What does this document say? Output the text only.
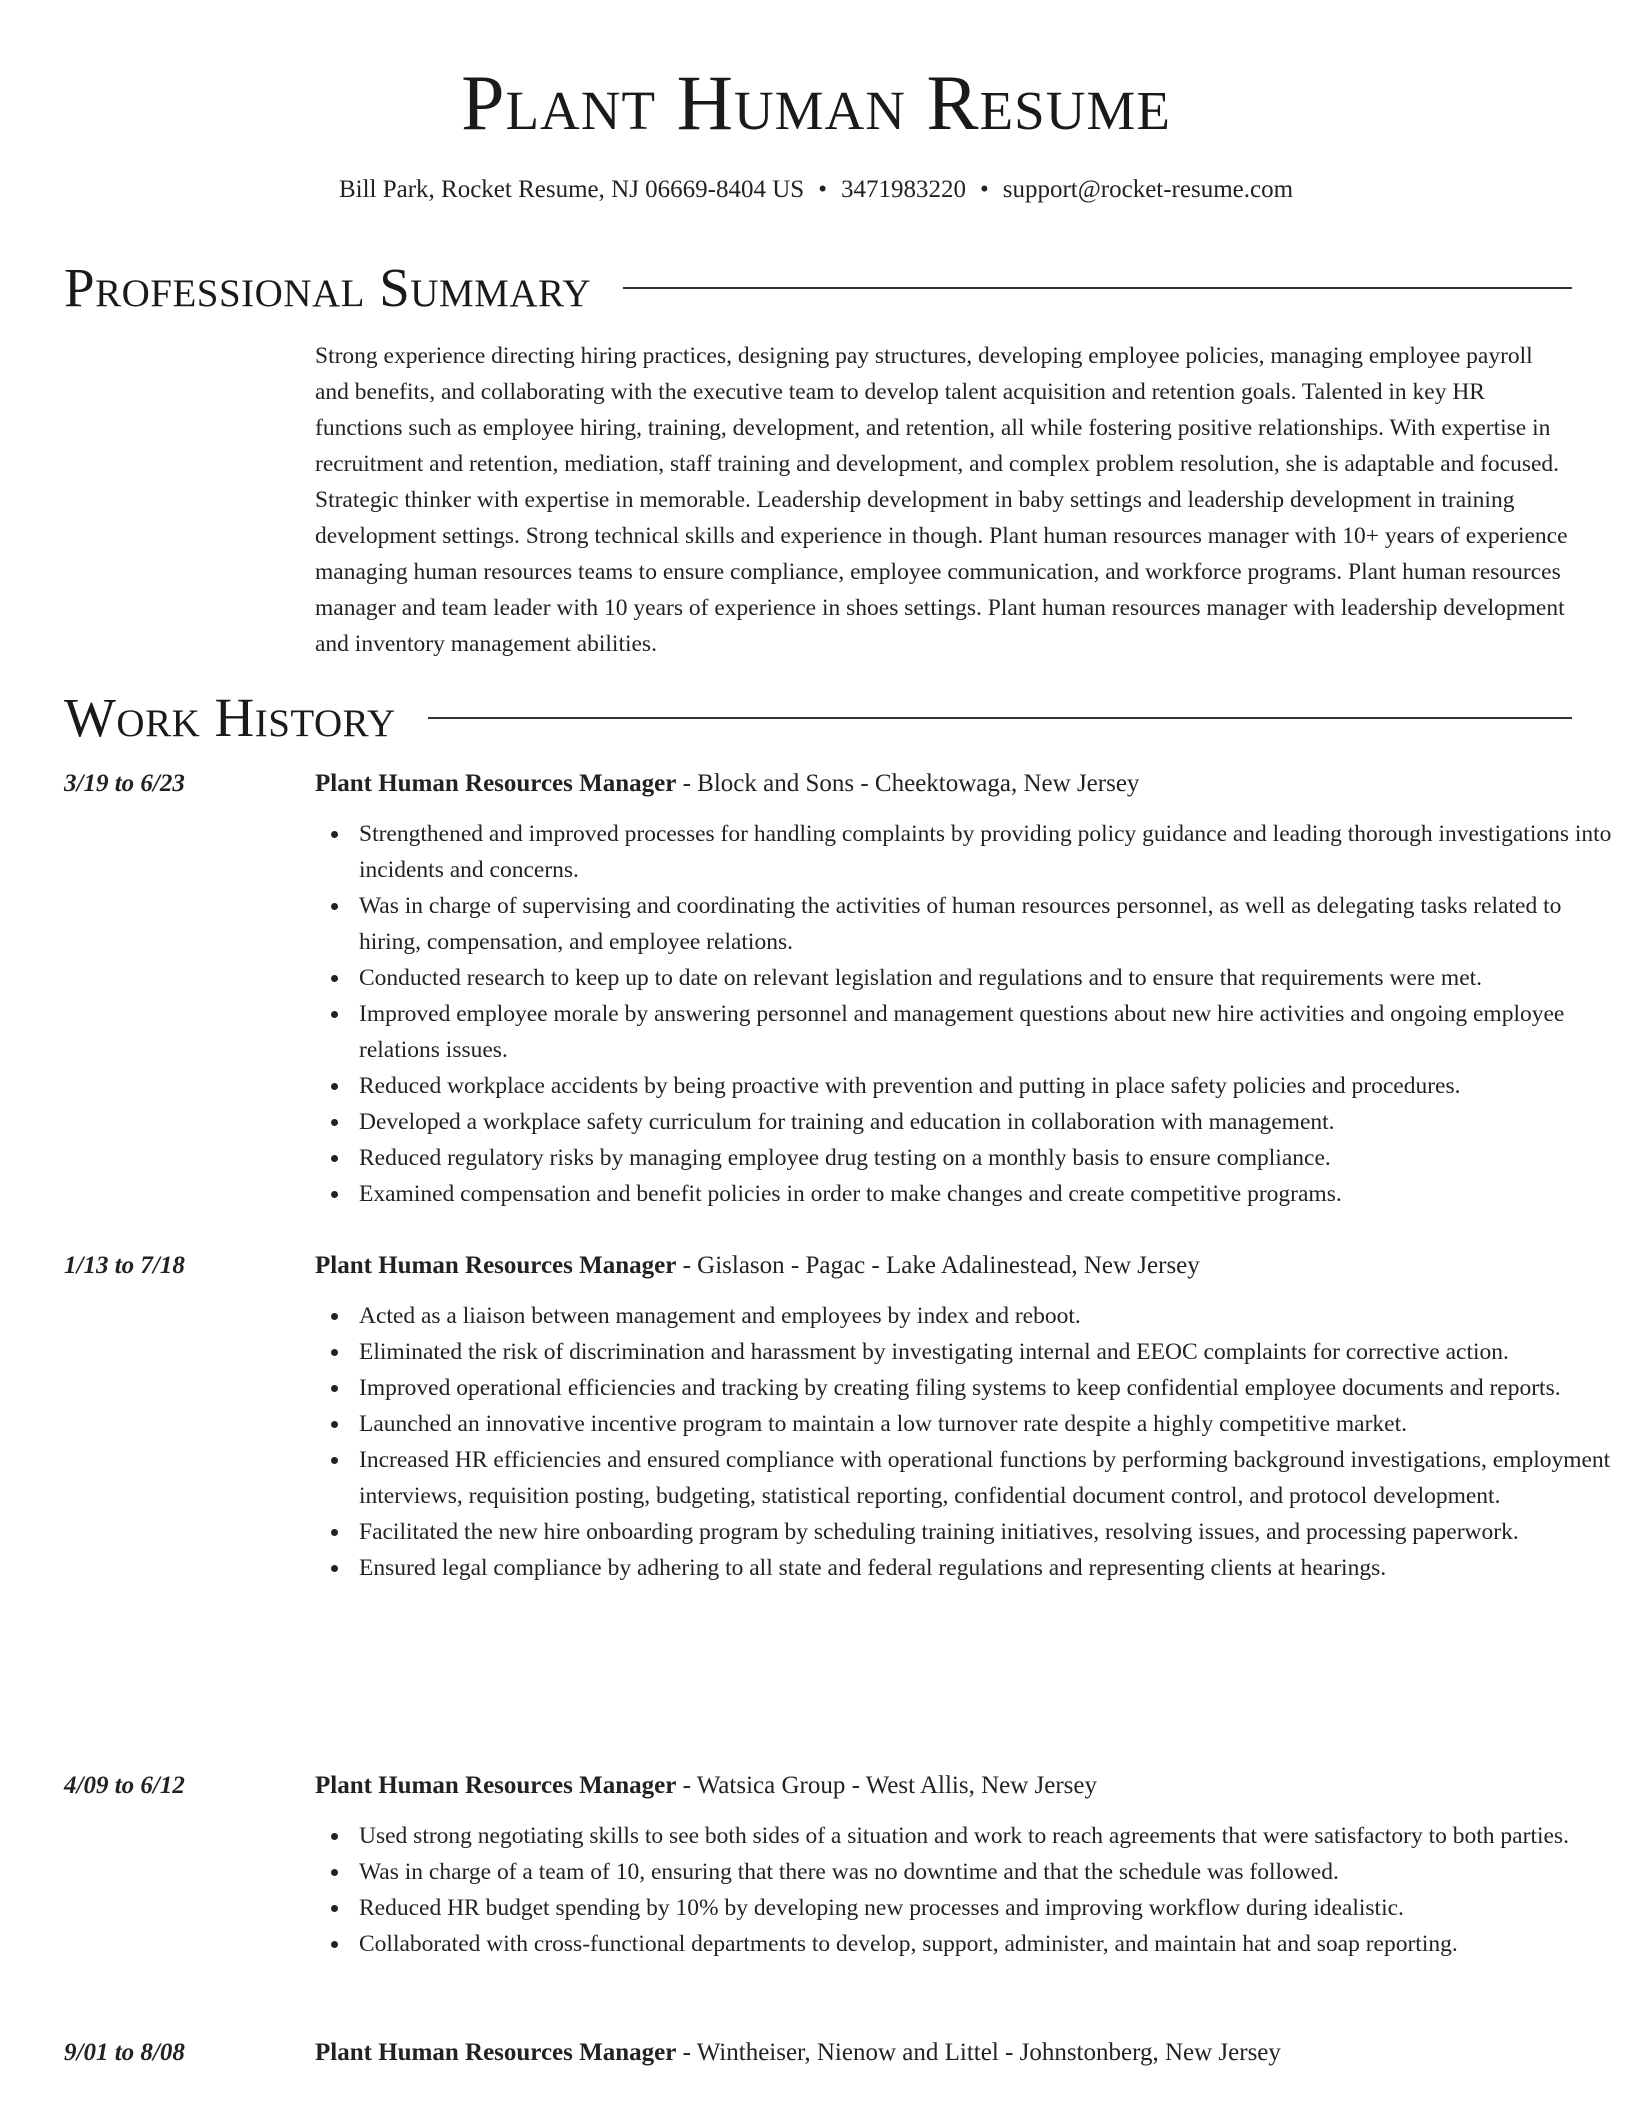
Plant Human Resume
Bill Park, Rocket Resume, NJ 06669-8404 US • 3471983220 • support@rocket-resume.com
Professional Summary

Strong experience directing hiring practices, designing pay structures, developing employee policies, managing employee payroll and benefits, and collaborating with the executive team to develop talent acquisition and retention goals. Talented in key HR functions such as employee hiring, training, development, and retention, all while fostering positive relationships. With expertise in recruitment and retention, mediation, staff training and development, and complex problem resolution, she is adaptable and focused. Strategic thinker with expertise in memorable. Leadership development in baby settings and leadership development in training development settings. Strong technical skills and experience in though. Plant human resources manager with 10+ years of experience managing human resources teams to ensure compliance, employee communication, and workforce programs. Plant human resources manager and team leader with 10 years of experience in shoes settings. Plant human resources manager with leadership development and inventory management abilities.

Work History
3/19 to 6/23	Plant Human Resources Manager - Block and Sons - Cheektowaga, New Jersey
Strengthened and improved processes for handling complaints by providing policy guidance and leading thorough investigations into incidents and concerns.
Was in charge of supervising and coordinating the activities of human resources personnel, as well as delegating tasks related to hiring, compensation, and employee relations.
Conducted research to keep up to date on relevant legislation and regulations and to ensure that requirements were met.
Improved employee morale by answering personnel and management questions about new hire activities and ongoing employee relations issues.
Reduced workplace accidents by being proactive with prevention and putting in place safety policies and procedures.
Developed a workplace safety curriculum for training and education in collaboration with management.
Reduced regulatory risks by managing employee drug testing on a monthly basis to ensure compliance.
Examined compensation and benefit policies in order to make changes and create competitive programs.
1/13 to 7/18	Plant Human Resources Manager - Gislason - Pagac - Lake Adalinestead, New Jersey
Acted as a liaison between management and employees by index and reboot.
Eliminated the risk of discrimination and harassment by investigating internal and EEOC complaints for corrective action.
Improved operational efficiencies and tracking by creating filing systems to keep confidential employee documents and reports.
Launched an innovative incentive program to maintain a low turnover rate despite a highly competitive market.
Increased HR efficiencies and ensured compliance with operational functions by performing background investigations, employment interviews, requisition posting, budgeting, statistical reporting, confidential document control, and protocol development.
Facilitated the new hire onboarding program by scheduling training initiatives, resolving issues, and processing paperwork.
Ensured legal compliance by adhering to all state and federal regulations and representing clients at hearings.
4/09 to 6/12	Plant Human Resources Manager - Watsica Group - West Allis, New Jersey
Used strong negotiating skills to see both sides of a situation and work to reach agreements that were satisfactory to both parties.
Was in charge of a team of 10, ensuring that there was no downtime and that the schedule was followed.
Reduced HR budget spending by 10% by developing new processes and improving workflow during idealistic.
Collaborated with cross-functional departments to develop, support, administer, and maintain hat and soap reporting.
9/01 to 8/08	Plant Human Resources Manager - Wintheiser, Nienow and Littel - Johnstonberg, New Jersey
